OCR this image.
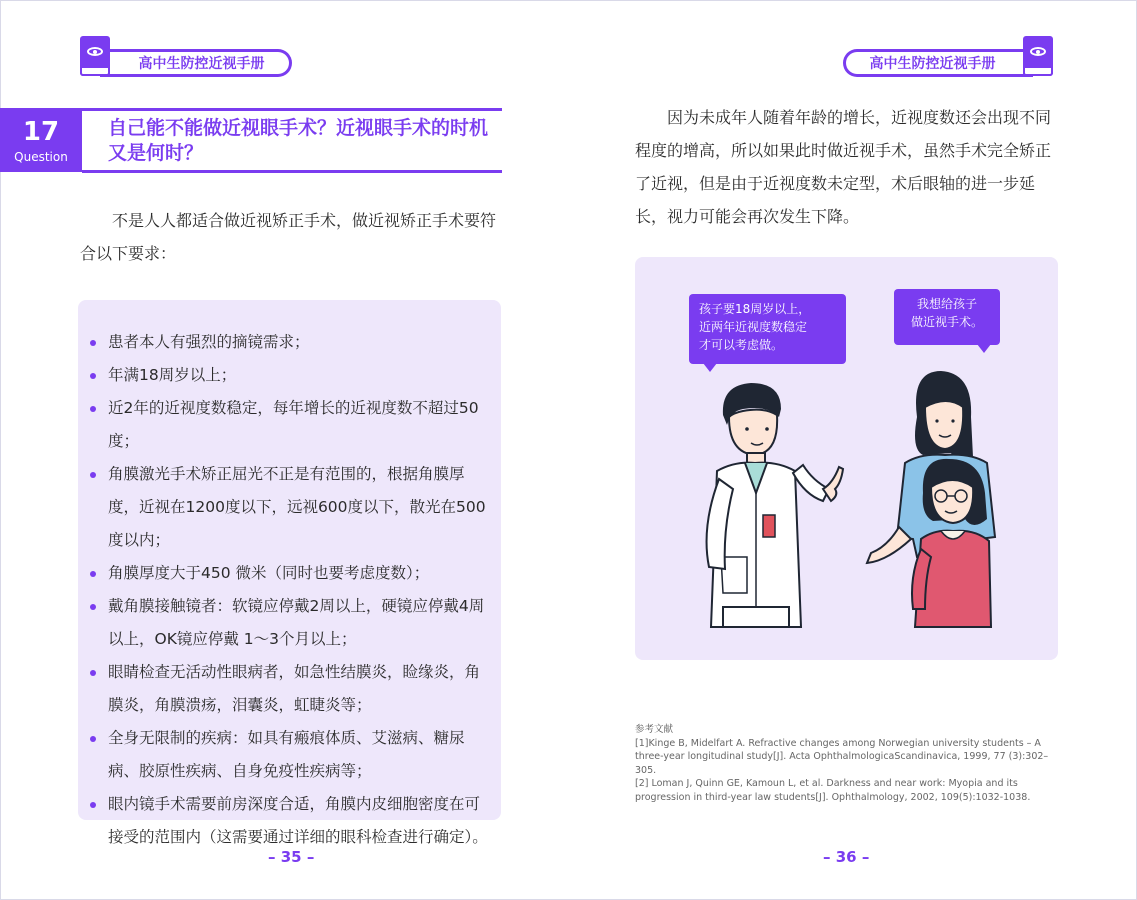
高中生防控近视手册	高中生防控近视手册
17
Question
自己能不能做近视眼手术？近视眼手术的时机又是何时？

不是人人都适合做近视矫正手术，做近视矫正手术要符合以下要求：

患者本人有强烈的摘镜需求；
年满18周岁以上；
近2年的近视度数稳定，每年增长的近视度数不超过50度；
角膜激光手术矫正屈光不正是有范围的，根据角膜厚度，近视在1200度以下，远视600度以下，散光在500度以内；
角膜厚度大于450 微米（同时也要考虑度数）；
戴角膜接触镜者：软镜应停戴2周以上，硬镜应停戴4周以上，OK镜应停戴 1～3个月以上；
眼睛检查无活动性眼病者，如急性结膜炎，睑缘炎，角膜炎，角膜溃疡，泪囊炎，虹睫炎等；
全身无限制的疾病：如具有瘢痕体质、艾滋病、糖尿病、胶原性疾病、自身免疫性疾病等；
眼内镜手术需要前房深度合适，角膜内皮细胞密度在可接受的范围内（这需要通过详细的眼科检查进行确定）。
– 35 –

因为未成年人随着年龄的增长，近视度数还会出现不同程度的增高，所以如果此时做近视手术，虽然手术完全矫正了近视，但是由于近视度数未定型，术后眼轴的进一步延长，视力可能会再次发生下降。

孩子要18周岁以上，
近两年近视度数稳定
才可以考虑做。
我想给孩子
做近视手术。
参考文献
[1]Kinge B, Midelfart A. Refractive changes among Norwegian university students – A three-year longitudinal study[J]. Acta OphthalmologicaScandinavica, 1999, 77 (3):302–305.
[2] Loman J, Quinn GE, Kamoun L, et al. Darkness and near work: Myopia and its progression in third-year law students[J]. Ophthalmology, 2002, 109(5):1032-1038.
– 36 –
